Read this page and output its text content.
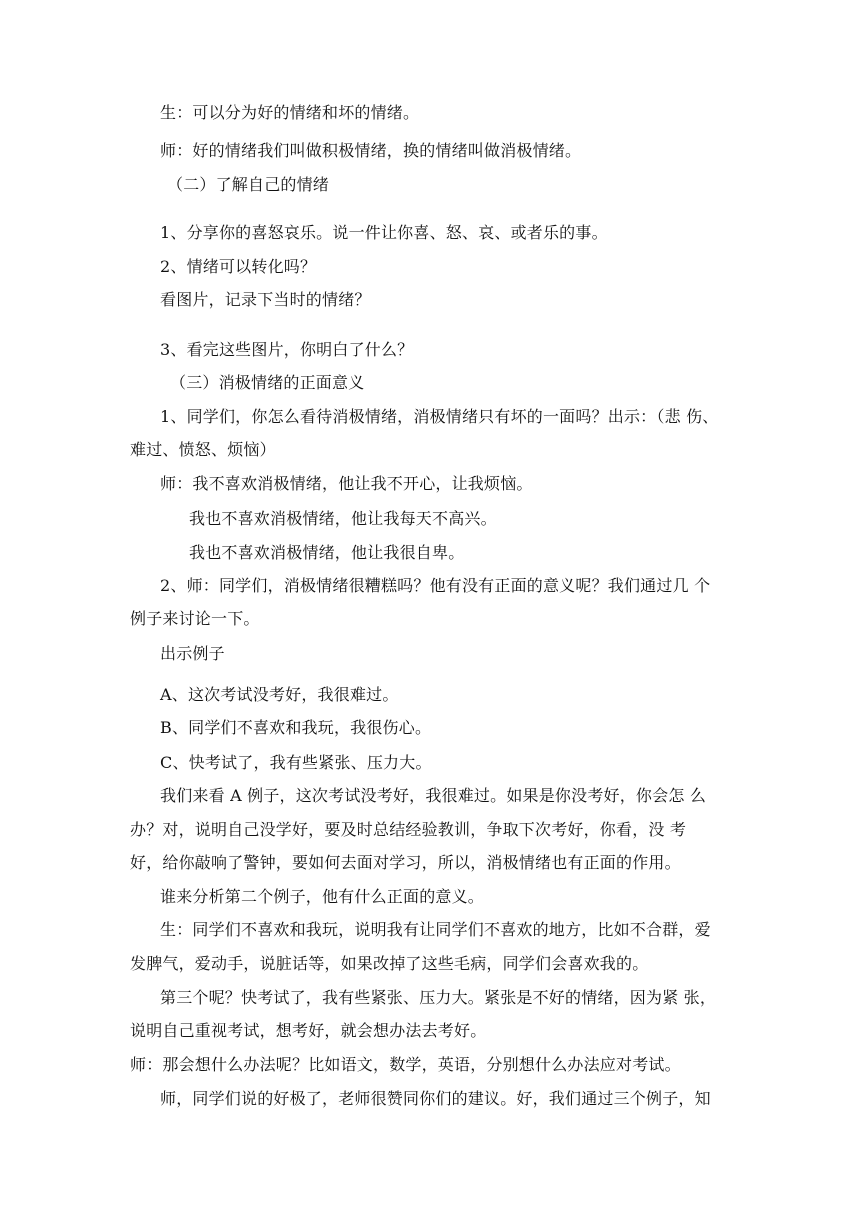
生：可以分为好的情绪和坏的情绪。
师：好的情绪我们叫做积极情绪，换的情绪叫做消极情绪。
（二）了解自己的情绪
1、分享你的喜怒哀乐。说一件让你喜、怒、哀、或者乐的事。
2、情绪可以转化吗？
看图片，记录下当时的情绪？
3、看完这些图片，你明白了什么？
（三）消极情绪的正面意义
1、同学们，你怎么看待消极情绪，消极情绪只有坏的一面吗？出示：（悲 伤、
难过、愤怒、烦恼）
师：我不喜欢消极情绪，他让我不开心，让我烦恼。
我也不喜欢消极情绪，他让我每天不高兴。
我也不喜欢消极情绪，他让我很自卑。
2、师：同学们，消极情绪很糟糕吗？他有没有正面的意义呢？我们通过几 个
例子来讨论一下。
出示例子
A、这次考试没考好，我很难过。
B、同学们不喜欢和我玩，我很伤心。
C、快考试了，我有些紧张、压力大。
我们来看 A 例子，这次考试没考好，我很难过。如果是你没考好，你会怎 么
办？对，说明自己没学好，要及时总结经验教训，争取下次考好，你看，没 考
好，给你敲响了警钟，要如何去面对学习，所以，消极情绪也有正面的作用。
谁来分析第二个例子，他有什么正面的意义。
生：同学们不喜欢和我玩，说明我有让同学们不喜欢的地方，比如不合群，爱
发脾气，爱动手，说脏话等，如果改掉了这些毛病，同学们会喜欢我的。
第三个呢？快考试了，我有些紧张、压力大。紧张是不好的情绪，因为紧 张，
说明自己重视考试，想考好，就会想办法去考好。
师：那会想什么办法呢？比如语文，数学，英语，分别想什么办法应对考试。
师，同学们说的好极了，老师很赞同你们的建议。好，我们通过三个例子，知
